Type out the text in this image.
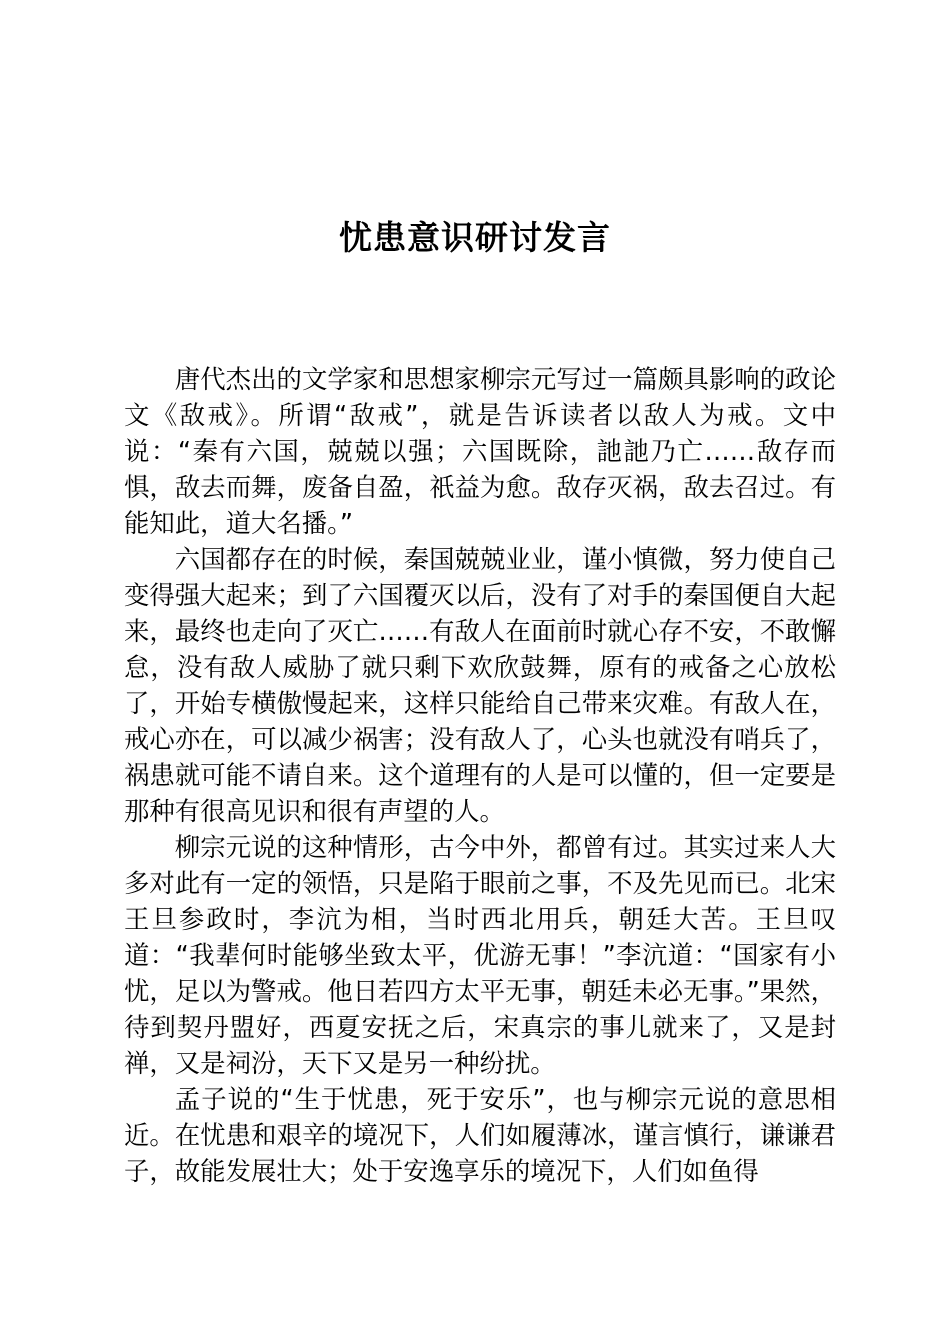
忧患意识研讨发言

唐代杰出的文学家和思想家柳宗元写过一篇颇具影响的政论文《敌戒》。所谓“敌戒”，就是告诉读者以敌人为戒。文中说：“秦有六国，兢兢以强；六国既除，訑訑乃亡……敌存而惧，敌去而舞，废备自盈，祇益为愈。敌存灭祸，敌去召过。有能知此，道大名播。”

六国都存在的时候，秦国兢兢业业，谨小慎微，努力使自己变得强大起来；到了六国覆灭以后，没有了对手的秦国便自大起来，最终也走向了灭亡……有敌人在面前时就心存不安，不敢懈怠，没有敌人威胁了就只剩下欢欣鼓舞，原有的戒备之心放松了，开始专横傲慢起来，这样只能给自己带来灾难。有敌人在，戒心亦在，可以减少祸害；没有敌人了，心头也就没有哨兵了，祸患就可能不请自来。这个道理有的人是可以懂的，但一定要是那种有很高见识和很有声望的人。

柳宗元说的这种情形，古今中外，都曾有过。其实过来人大多对此有一定的领悟，只是陷于眼前之事，不及先见而已。北宋王旦参政时，李沆为相，当时西北用兵，朝廷大苦。王旦叹道：“我辈何时能够坐致太平，优游无事！”李沆道：“国家有小忧，足以为警戒。他日若四方太平无事，朝廷未必无事。”果然，待到契丹盟好，西夏安抚之后，宋真宗的事儿就来了，又是封禅，又是祠汾，天下又是另一种纷扰。

孟子说的“生于忧患，死于安乐”，也与柳宗元说的意思相近。在忧患和艰辛的境况下，人们如履薄冰，谨言慎行，谦谦君子，故能发展壮大；处于安逸享乐的境况下，人们如鱼得
